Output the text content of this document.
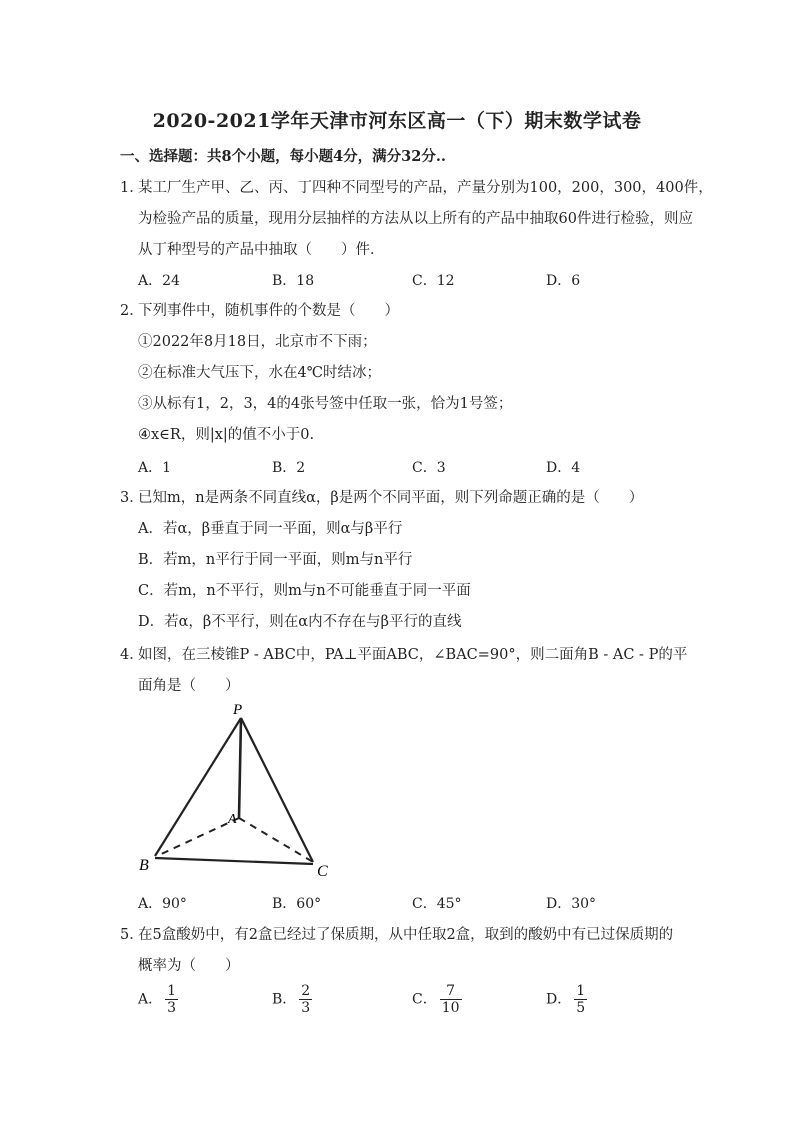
2020-2021学年天津市河东区高一（下）期末数学试卷
一、选择题：共8个小题，每小题4分，满分32分..
1．
某工厂生产甲、乙、丙、丁四种不同型号的产品，产量分别为100，200，300，400件，
为检验产品的质量，现用分层抽样的方法从以上所有的产品中抽取60件进行检验，则应
从丁种型号的产品中抽取（　　）件．
A．24	B．18	C．12	D．6
2．
下列事件中，随机事件的个数是（　　）
①2022年8月18日，北京市不下雨；
②在标准大气压下，水在4℃时结冰；
③从标有1，2，3，4的4张号签中任取一张，恰为1号签；
④x∈R，则|x|的值不小于0.
A．1	B．2	C．3	D．4
3．
已知m，n是两条不同直线α，β是两个不同平面，则下列命题正确的是（　　）
A．若α，β垂直于同一平面，则α与β平行
B．若m，n平行于同一平面，则m与n平行
C．若m，n不平行，则m与n不可能垂直于同一平面
D．若α，β不平行，则在α内不存在与β平行的直线
4．
如图，在三棱锥P - ABC中，PA⊥平面ABC，∠BAC=90°，则二面角B - AC - P的平
面角是（　　）
P
A
B	C
A．90°	B．60°	C．45°	D．30°
5．
在5盒酸奶中，有2盒已经过了保质期，从中任取2盒，取到的酸奶中有已过保质期的
概率为（　　）
A． $\frac{1}{3}$	B． $\frac{2}{3}$	C． $\frac{7}{10}$	D． $\frac{1}{5}$
